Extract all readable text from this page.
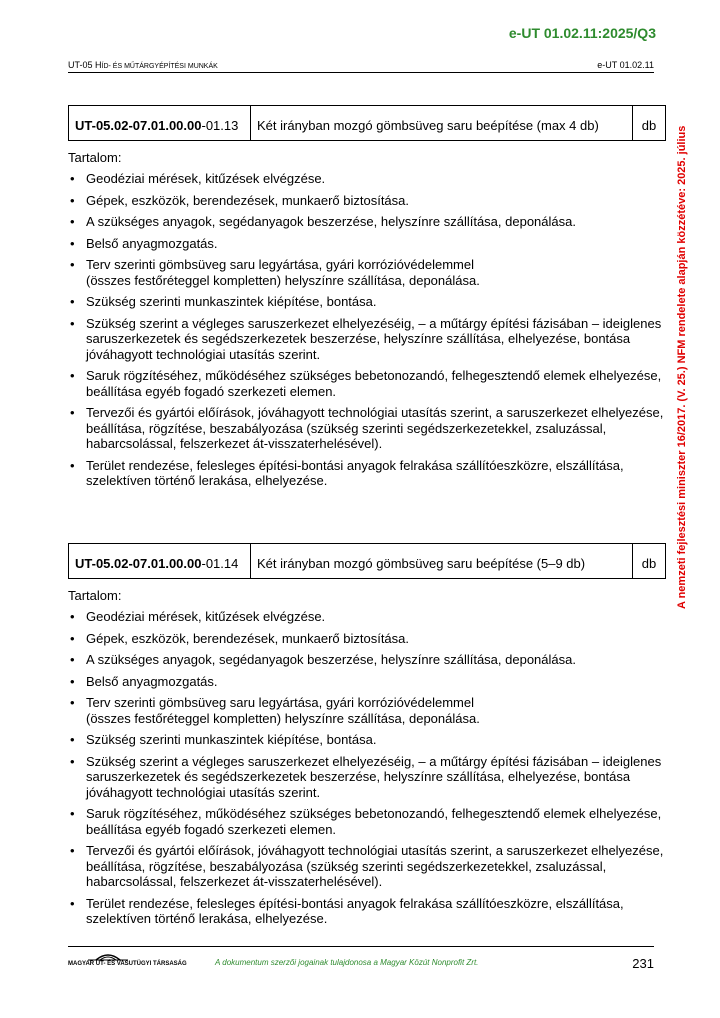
e-UT 01.02.11:2025/Q3
UT-05 HÍD- ÉS MŰTÁRGYÉPÍTÉSI MUNKÁK	e-UT 01.02.11
A nemzeti fejlesztési miniszter 16/2017. (V. 25.) NFM rendelete alapján közzétéve: 2025. július
UT-05.02-07.01.00.00 -01.13	Két irányban mozgó gömbsüveg saru beépítése (max 4 db)	db
Tartalom:
• Geodéziai mérések, kitűzések elvégzése.
• Gépek, eszközök, berendezések, munkaerő biztosítása.
• A szükséges anyagok, segédanyagok beszerzése, helyszínre szállítása, deponálása.
• Belső anyagmozgatás.
• Terv szerinti gömbsüveg saru legyártása, gyári korrózióvédelemmel
(összes festőréteggel kompletten) helyszínre szállítása, deponálása.
• Szükség szerinti munkaszintek kiépítése, bontása.
• Szükség szerint a végleges saruszerkezet elhelyezéséig, – a műtárgy építési fázisában – ideiglenes saruszerkezetek és segédszerkezetek beszerzése, helyszínre szállítása, elhelyezése, bontása jóváhagyott technológiai utasítás szerint.
• Saruk rögzítéséhez, működéséhez szükséges bebetonozandó, felhegesztendő elemek elhelyezése, beállítása egyéb fogadó szerkezeti elemen.
• Tervezői és gyártói előírások, jóváhagyott technológiai utasítás szerint, a saruszerkezet elhelyezése, beállítása, rögzítése, beszabályozása (szükség szerinti segédszerkezetekkel, zsaluzással, habarcsolással, felszerkezet át-visszaterhelésével).
• Terület rendezése, felesleges építési-bontási anyagok felrakása szállítóeszközre, elszállítása, szelektíven történő lerakása, elhelyezése.
UT-05.02-07.01.00.00 -01.14	Két irányban mozgó gömbsüveg saru beépítése (5–9 db)	db
Tartalom:
• Geodéziai mérések, kitűzések elvégzése.
• Gépek, eszközök, berendezések, munkaerő biztosítása.
• A szükséges anyagok, segédanyagok beszerzése, helyszínre szállítása, deponálása.
• Belső anyagmozgatás.
• Terv szerinti gömbsüveg saru legyártása, gyári korrózióvédelemmel
(összes festőréteggel kompletten) helyszínre szállítása, deponálása.
• Szükség szerinti munkaszintek kiépítése, bontása.
• Szükség szerint a végleges saruszerkezet elhelyezéséig, – a műtárgy építési fázisában – ideiglenes saruszerkezetek és segédszerkezetek beszerzése, helyszínre szállítása, elhelyezése, bontása jóváhagyott technológiai utasítás szerint.
• Saruk rögzítéséhez, működéséhez szükséges bebetonozandó, felhegesztendő elemek elhelyezése, beállítása egyéb fogadó szerkezeti elemen.
• Tervezői és gyártói előírások, jóváhagyott technológiai utasítás szerint, a saruszerkezet elhelyezése, beállítása, rögzítése, beszabályozása (szükség szerinti segédszerkezetekkel, zsaluzással, habarcsolással, felszerkezet át-visszaterhelésével).
• Terület rendezése, felesleges építési-bontási anyagok felrakása szállítóeszközre, elszállítása, szelektíven történő lerakása, elhelyezése.
MAGYAR UT- ÉS VASUTÜGYI TÁRSASÁG	A dokumentum szerzői jogainak tulajdonosa a Magyar Közút Nonprofit Zrt.	231
